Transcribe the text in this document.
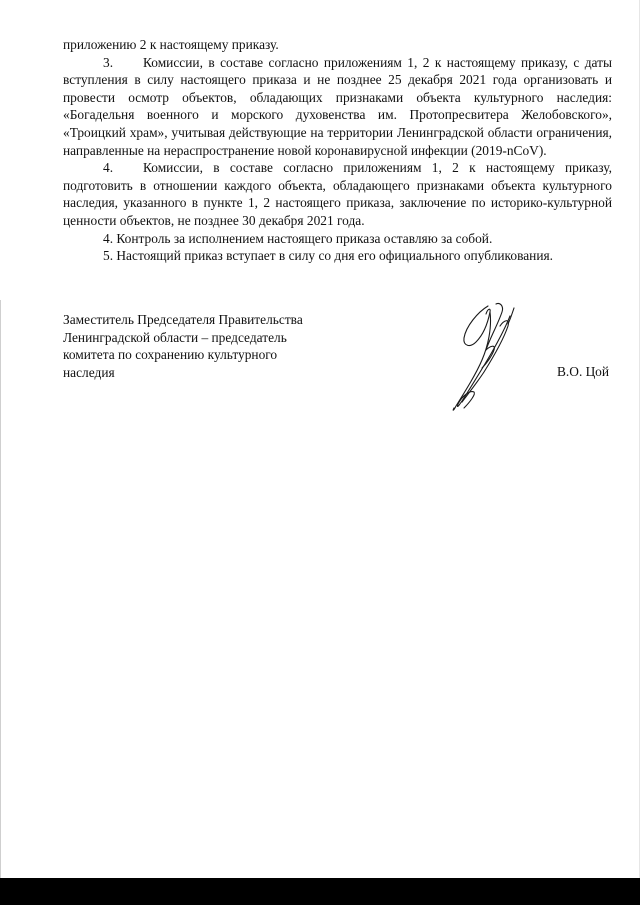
приложению 2 к настоящему приказу.

3. Комиссии, в составе согласно приложениям 1, 2 к настоящему приказу, с даты вступления в силу настоящего приказа и не позднее 25 декабря 2021 года организовать и провести осмотр объектов, обладающих признаками объекта культурного наследия: «Богадельня военного и морского духовенства им. Протопресвитера Желобовского», «Троицкий храм», учитывая действующие на территории Ленинградской области ограничения, направленные на нераспространение новой коронавирусной инфекции (2019-nCoV).

4. Комиссии, в составе согласно приложениям 1, 2 к настоящему приказу, подготовить в отношении каждого объекта, обладающего признаками объекта культурного наследия, указанного в пункте 1, 2 настоящего приказа, заключение по историко-культурной ценности объектов, не позднее 30 декабря 2021 года.

4. Контроль за исполнением настоящего приказа оставляю за собой.

5. Настоящий приказ вступает в силу со дня его официального опубликования.

Заместитель Председателя Правительства
Ленинградской области – председатель
комитета по сохранению культурного
наследия	В.О. Цой
